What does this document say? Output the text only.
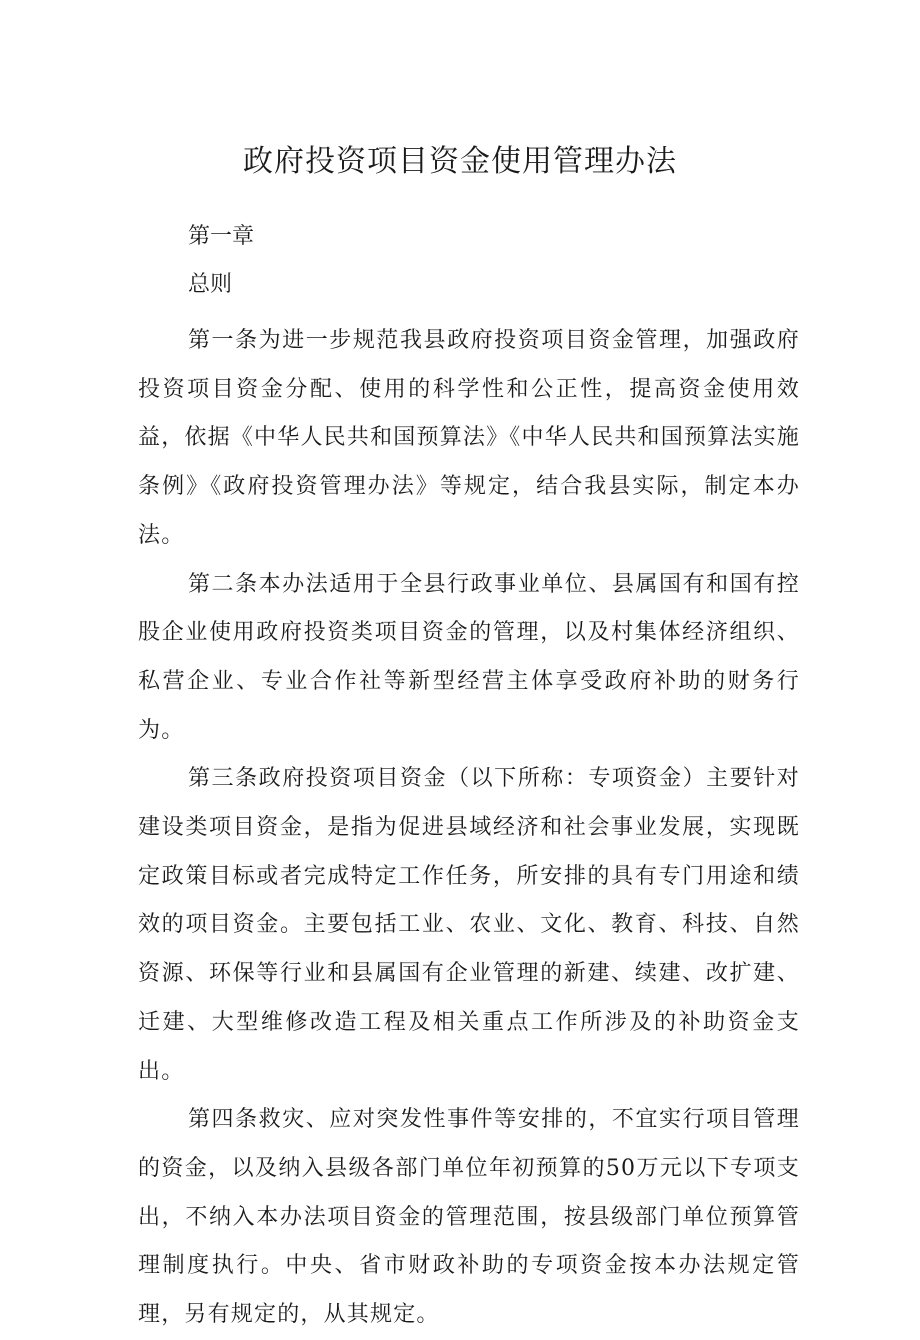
政府投资项目资金使用管理办法

第一章

总则

第一条为进一步规范我县政府投资项目资金管理，加强政府投资项目资金分配、使用的科学性和公正性，提高资金使用效益，依据《中华人民共和国预算法》《中华人民共和国预算法实施条例》《政府投资管理办法》等规定，结合我县实际，制定本办法。

第二条本办法适用于全县行政事业单位、县属国有和国有控股企业使用政府投资类项目资金的管理，以及村集体经济组织、私营企业、专业合作社等新型经营主体享受政府补助的财务行为。

第三条政府投资项目资金（以下所称：专项资金）主要针对建设类项目资金，是指为促进县域经济和社会事业发展，实现既定政策目标或者完成特定工作任务，所安排的具有专门用途和绩效的项目资金。主要包括工业、农业、文化、教育、科技、自然资源、环保等行业和县属国有企业管理的新建、续建、改扩建、迁建、大型维修改造工程及相关重点工作所涉及的补助资金支出。

第四条救灾、应对突发性事件等安排的，不宜实行项目管理的资金，以及纳入县级各部门单位年初预算的50万元以下专项支出，不纳入本办法项目资金的管理范围，按县级部门单位预算管理制度执行。中央、省市财政补助的专项资金按本办法规定管理，另有规定的，从其规定。
